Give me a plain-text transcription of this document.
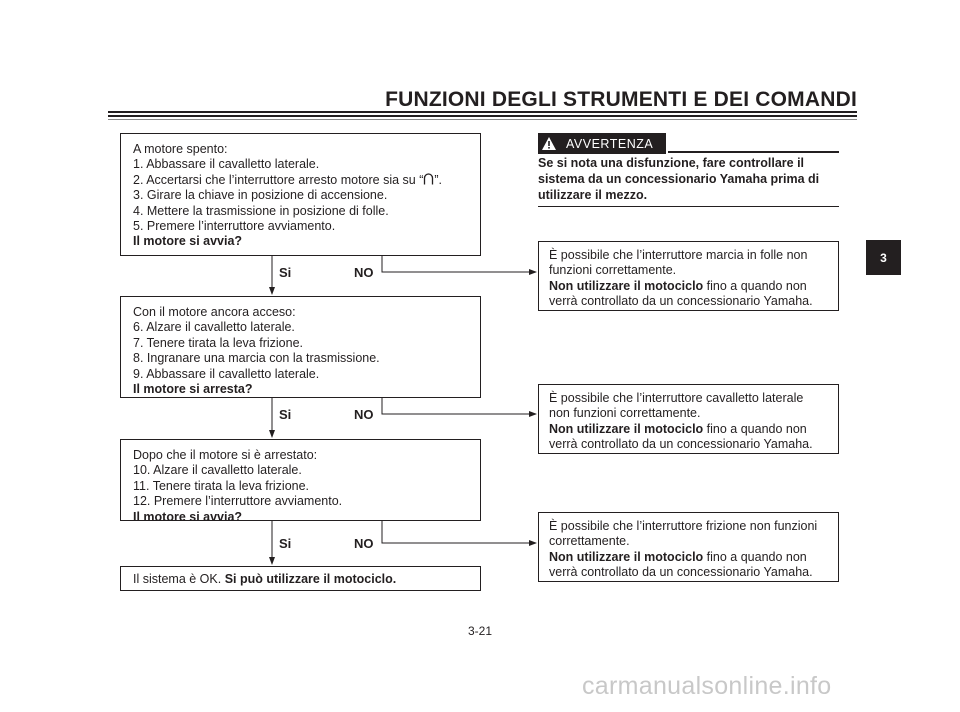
FUNZIONI DEGLI STRUMENTI E DEI COMANDI
A motore spento:
1. Abbassare il cavalletto laterale.
2. Accertarsi che l’interruttore arresto motore sia su “ ”.
3. Girare la chiave in posizione di accensione.
4. Mettere la trasmissione in posizione di folle.
5. Premere l’interruttore avviamento.
Il motore si avvia?
Si	NO
Con il motore ancora acceso:
6. Alzare il cavalletto laterale.
7. Tenere tirata la leva frizione.
8. Ingranare una marcia con la trasmissione.
9. Abbassare il cavalletto laterale.
Il motore si arresta?
Si	NO
Dopo che il motore si è arrestato:
10. Alzare il cavalletto laterale.
11. Tenere tirata la leva frizione.
12. Premere l’interruttore avviamento.
Il motore si avvia?
Si	NO
Il sistema è OK. Si può utilizzare il motociclo.
È possibile che l’interruttore marcia in folle non
funzioni correttamente.
Non utilizzare il motociclo fino a quando non
verrà controllato da un concessionario Yamaha.
È possibile che l’interruttore cavalletto laterale
non funzioni correttamente.
Non utilizzare il motociclo fino a quando non
verrà controllato da un concessionario Yamaha.
È possibile che l’interruttore frizione non funzioni
correttamente.
Non utilizzare il motociclo fino a quando non
verrà controllato da un concessionario Yamaha.
AVVERTENZA
Se si nota una disfunzione, fare controllare il
sistema da un concessionario Yamaha prima di
utilizzare il mezzo.
3
3-21
carmanualsonline.info
